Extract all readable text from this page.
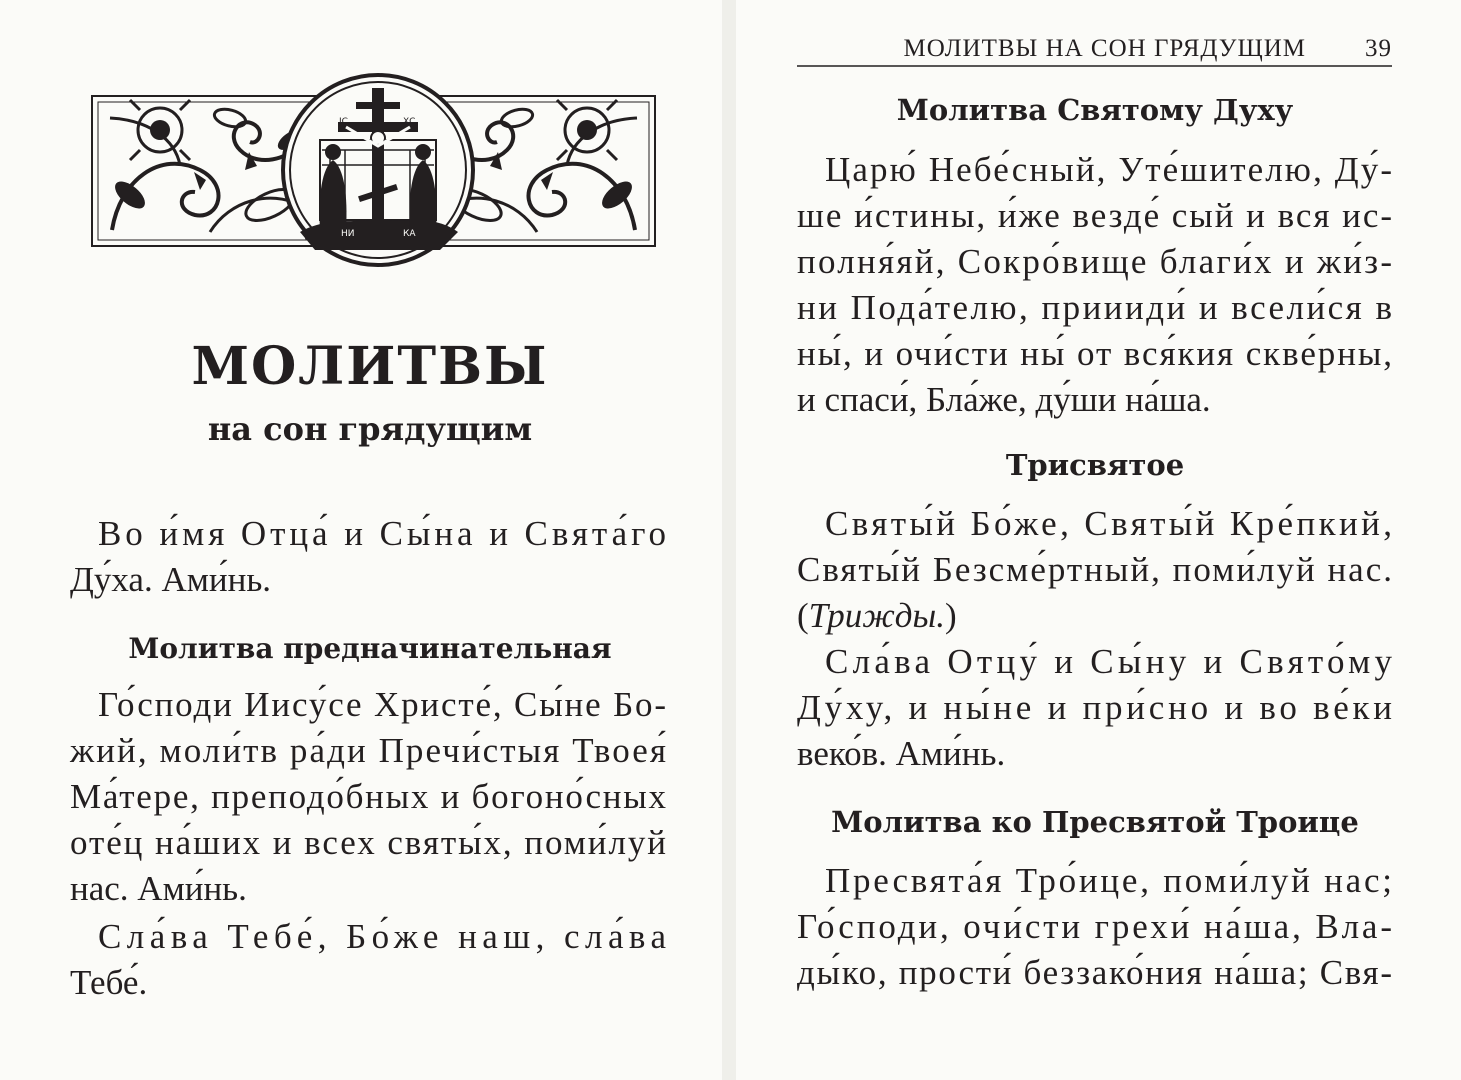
ІС	ХС
НИ	КА
МОЛИТВЫ
на сон грядущим
Во и́мя Отца́ и Сы́на и Свята́го
Ду́ха. Ами́нь.
Молитва предначинательная
Го́споди Иису́се Христе́, Сы́не Бо-
жий, моли́тв ра́ди Пречи́стыя Твоея́
Ма́тере, преподо́бных и богоно́сных
оте́ц на́ших и всех святы́х, поми́луй
нас. Ами́нь.
Сла́ва Тебе́, Бо́же наш, сла́ва
Тебе́.
МОЛИТВЫ НА СОН ГРЯДУЩИМ 39
Молитва Святому Духу
Царю́ Небе́сный, Уте́шителю, Ду́-
ше и́стины, и́же везде́ сый и вся ис-
полня́яй, Сокро́вище благи́х и жи́з-
ни Пода́телю, приииди́ и всели́ся в
ны́, и очи́сти ны́ от вся́кия скве́рны,
и спаси́, Бла́же, ду́ши на́ша.
Трисвятое
Святы́й Бо́же, Святы́й Кре́пкий,
Святы́й Безсме́ртный, поми́луй нас.
(Трижды.)
Сла́ва Отцу́ и Сы́ну и Свято́му
Ду́ху, и ны́не и при́сно и во ве́ки
веко́в. Ами́нь.
Молитва ко Пресвятой Троице
Пресвята́я Тро́ице, поми́луй нас;
Го́споди, очи́сти грехи́ на́ша, Вла-
ды́ко, прости́ беззако́ния на́ша; Свя-
